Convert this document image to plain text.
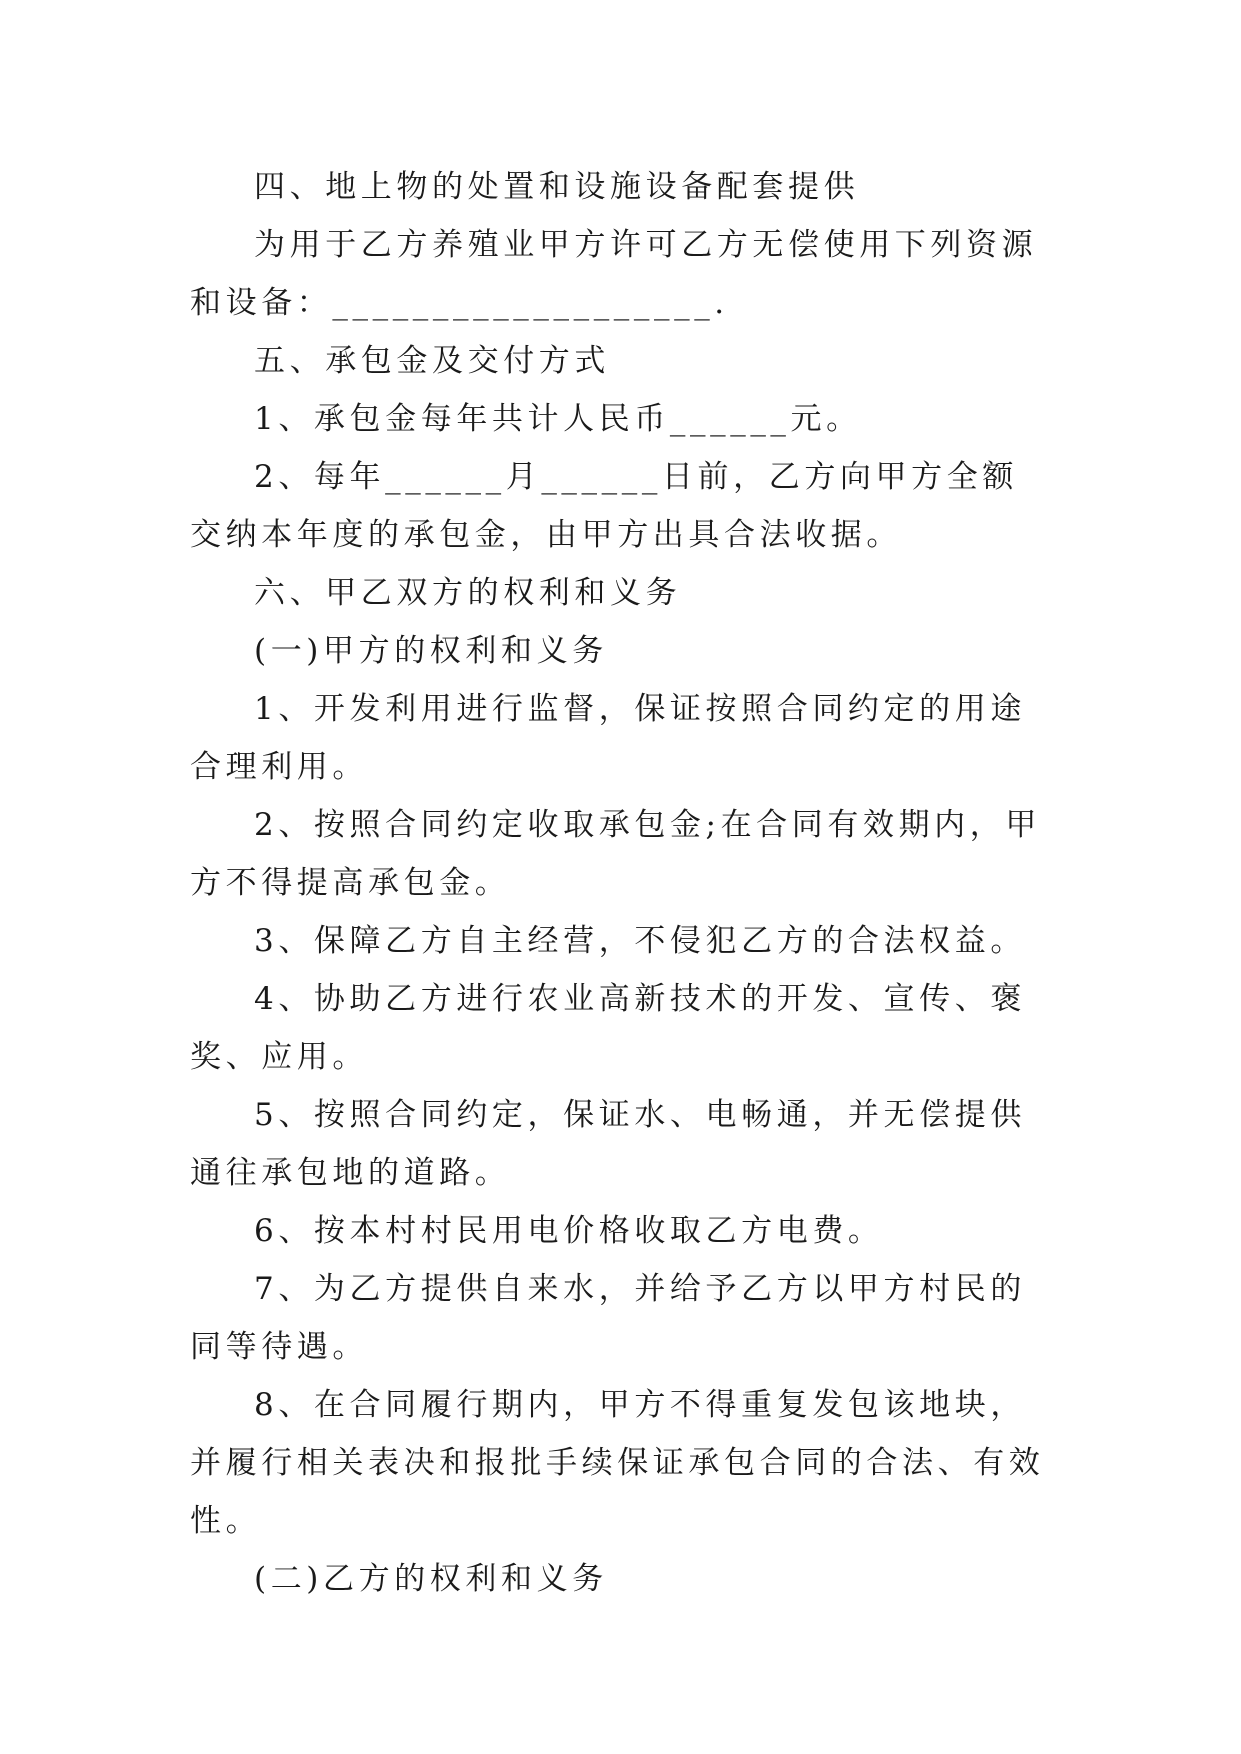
四、地上物的处置和设施设备配套提供

为用于乙方养殖业甲方许可乙方无偿使用下列资源和设备：___________________.

五、承包金及交付方式

1、承包金每年共计人民币______元。

2、每年______月______日前，乙方向甲方全额交纳本年度的承包金，由甲方出具合法收据。

六、甲乙双方的权利和义务

(一)甲方的权利和义务

1、开发利用进行监督，保证按照合同约定的用途合理利用。

2、按照合同约定收取承包金;在合同有效期内，甲方不得提高承包金。

3、保障乙方自主经营，不侵犯乙方的合法权益。

4、协助乙方进行农业高新技术的开发、宣传、褒奖、应用。

5、按照合同约定，保证水、电畅通，并无偿提供通往承包地的道路。

6、按本村村民用电价格收取乙方电费。

7、为乙方提供自来水，并给予乙方以甲方村民的同等待遇。

8、在合同履行期内，甲方不得重复发包该地块，并履行相关表决和报批手续保证承包合同的合法、有效性。

(二)乙方的权利和义务
